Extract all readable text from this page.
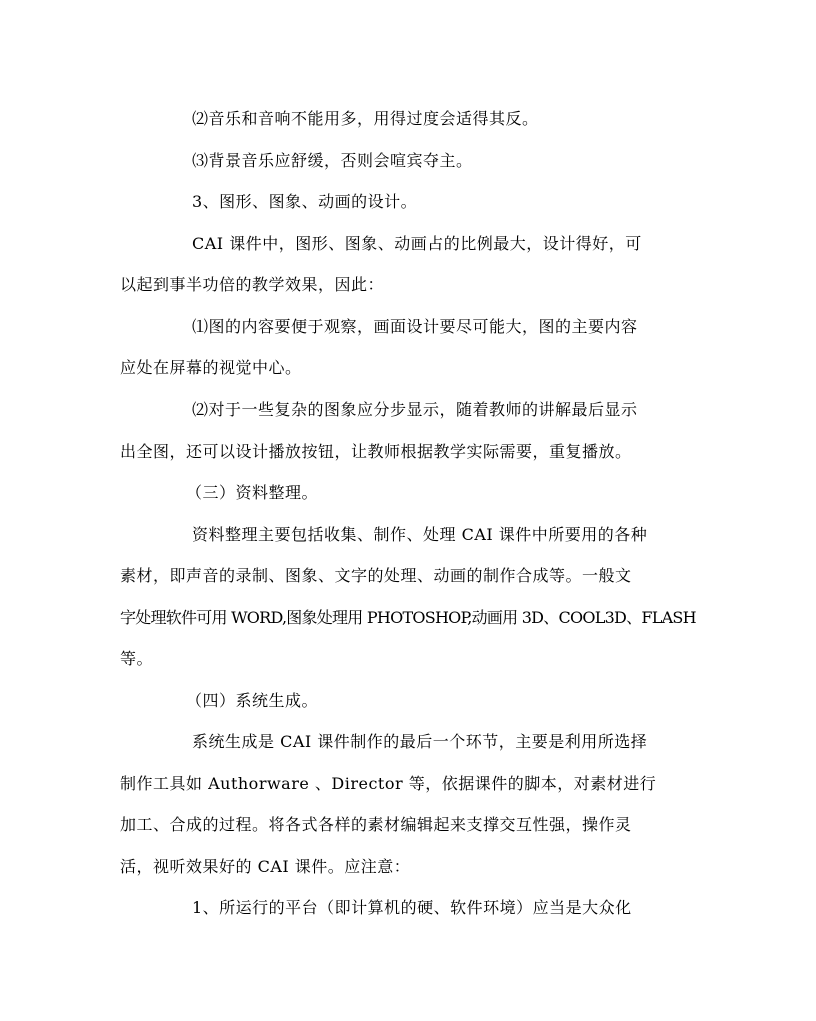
⑵音乐和音响不能用多，用得过度会适得其反。
⑶背景音乐应舒缓，否则会喧宾夺主。
3、图形、图象、动画的设计。
CAI 课件中，图形、图象、动画占的比例最大，设计得好，可
以起到事半功倍的教学效果，因此：
⑴图的内容要便于观察，画面设计要尽可能大，图的主要内容
应处在屏幕的视觉中心。
⑵对于一些复杂的图象应分步显示，随着教师的讲解最后显示
出全图，还可以设计播放按钮，让教师根据教学实际需要，重复播放。
（三）资料整理。
资料整理主要包括收集、制作、处理 CAI 课件中所要用的各种
素材，即声音的录制、图象、文字的处理、动画的制作合成等。一般文
字处理软件可用 WORD,图象处理用 PHOTOSHOP,动画用 3D、COOL3D、FLASH
等。
（四）系统生成。
系统生成是 CAI 课件制作的最后一个环节，主要是利用所选择
制作工具如 Authorware 、Director 等，依据课件的脚本，对素材进行
加工、合成的过程。将各式各样的素材编辑起来支撑交互性强，操作灵
活，视听效果好的 CAI 课件。应注意：
1、所运行的平台（即计算机的硬、软件环境）应当是大众化
